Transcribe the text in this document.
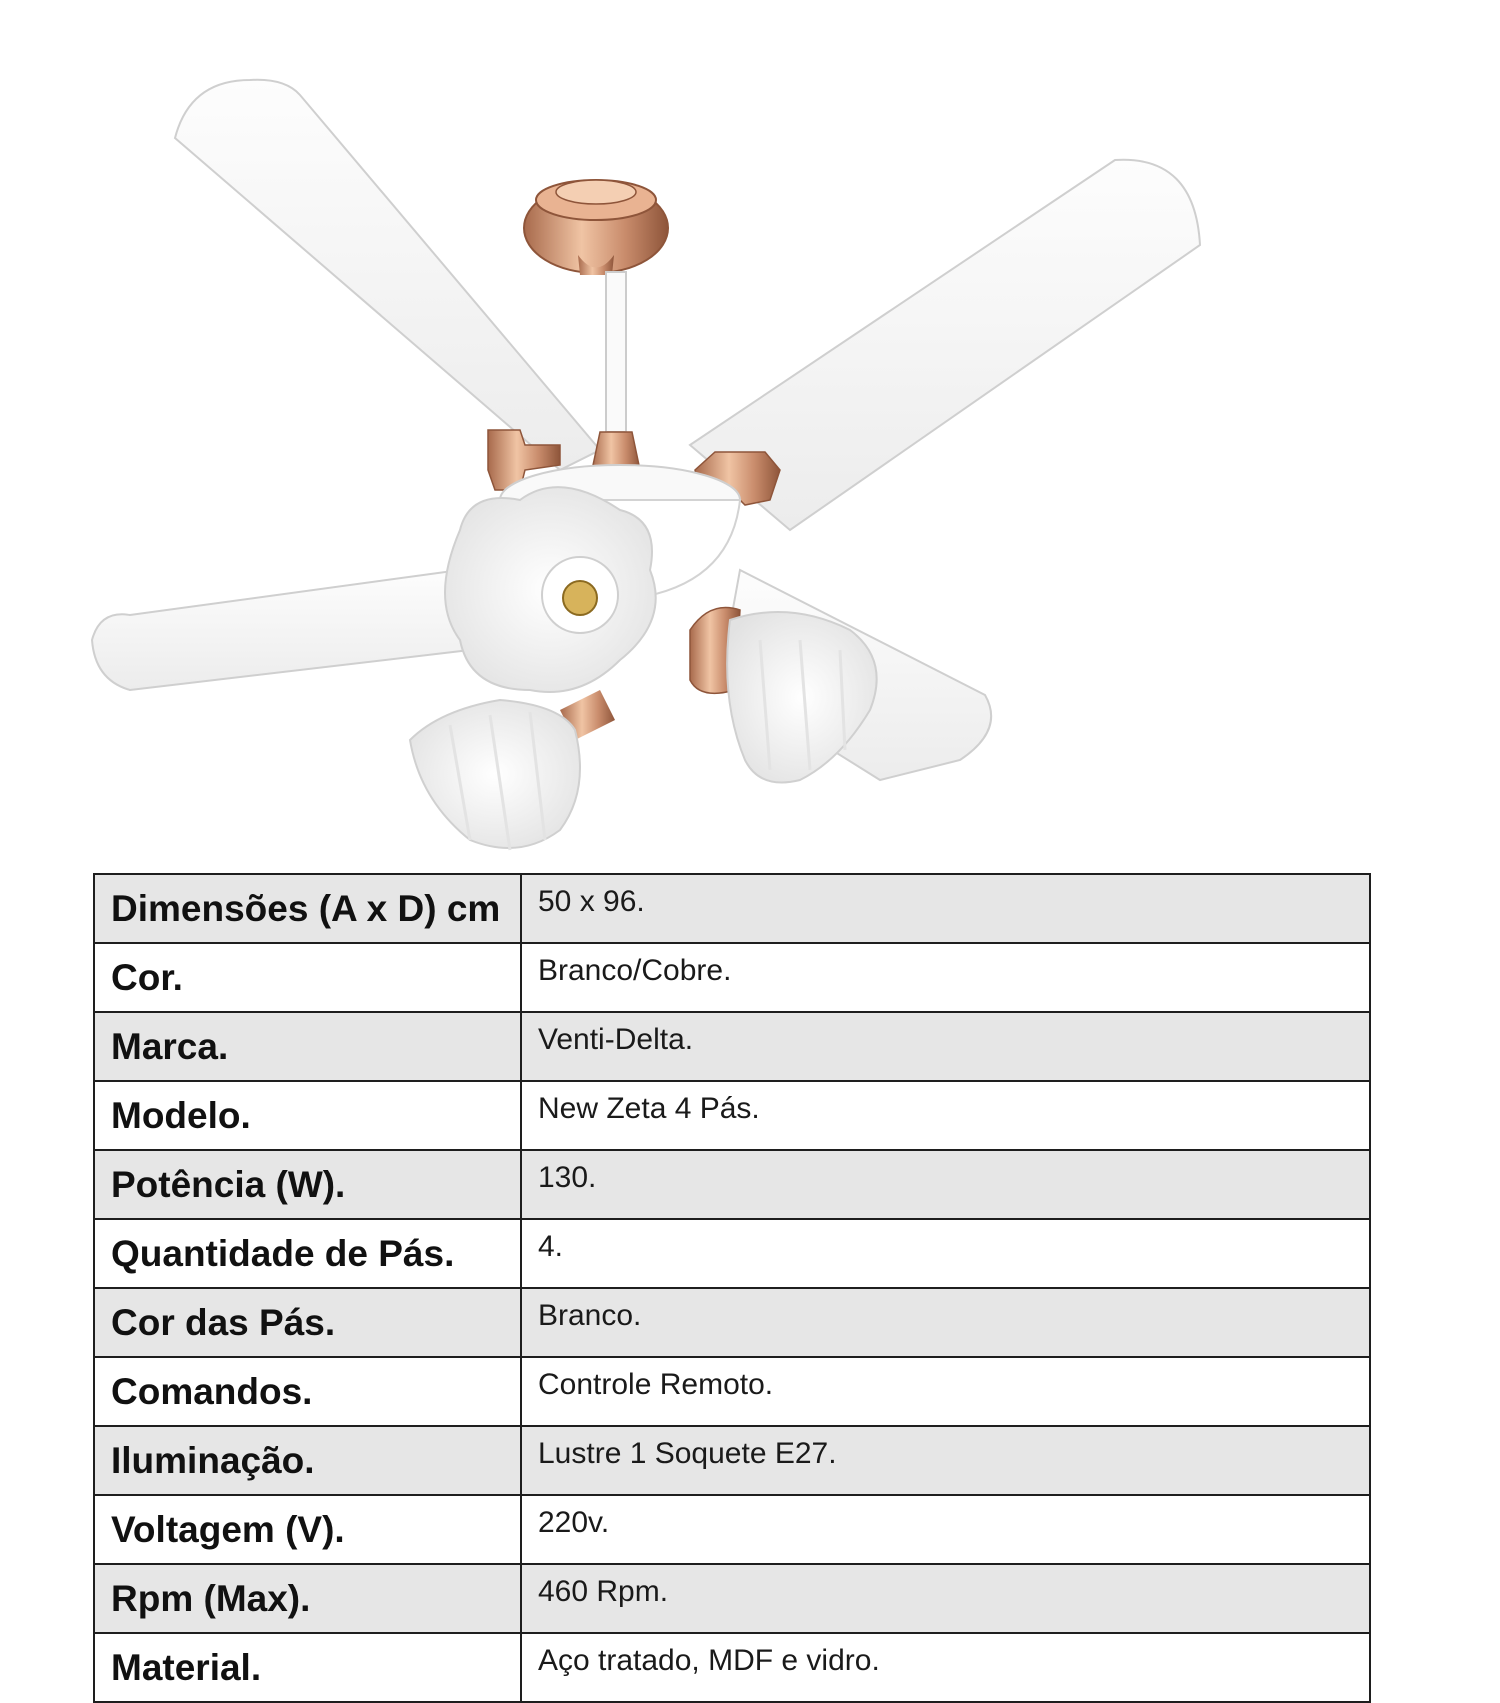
Dimensões (A x D) cm	50 x 96.
Cor.	Branco/Cobre.
Marca.	Venti-Delta.
Modelo.	New Zeta 4 Pás.
Potência (W).	130.
Quantidade de Pás.	4.
Cor das Pás.	Branco.
Comandos.	Controle Remoto.
Iluminação.	Lustre 1 Soquete E27.
Voltagem (V).	220v.
Rpm (Max).	460 Rpm.
Material.	Aço tratado, MDF e vidro.
